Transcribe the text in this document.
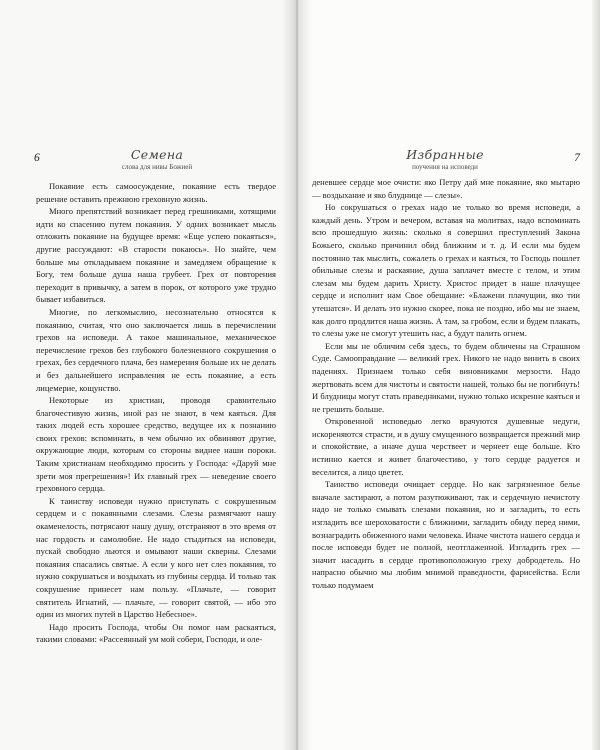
6	Семена
слова для нивы Божией

Покаяние есть самоосуждение, покаяние есть твердое решение оставить прежнюю греховную жизнь.

Много препятствий возникает перед грешниками, хотящими идти ко спасению путем покаяния. У одних возникает мысль отложить покаяние на будущее время: «Еще успею покаяться», другие рассуждают: «В старости покаюсь». Но знайте, чем больше мы откладываем покаяние и замедляем обращение к Богу, тем больше душа наша грубеет. Грех от повторения переходит в привычку, а затем в порок, от которого уже трудно бывает избавиться.

Многие, по легкомыслию, несознательно относятся к покаянию, считая, что оно заключается лишь в перечислении грехов на исповеди. А такое машинальное, механическое перечисление грехов без глубокого болезненного сокрушения о грехах, без сердечного плача, без намерения больше их не делать и без дальнейшего исправления не есть покаяние, а есть лицемерие, кощунство.

Некоторые из христиан, проводя сравнительно благочестивую жизнь, иной раз не знают, в чем каяться. Для таких людей есть хорошее средство, ведущее их к познанию своих грехов: вспоминать, в чем обычно их обвиняют другие, окружающие люди, которым со стороны виднее наши пороки. Таким христианам необходимо просить у Господа: «Даруй мне зрети моя прегрешения»! Их главный грех — неведение своего греховного сердца.

К таинству исповеди нужно приступать с сокрушенным сердцем и с покаянными слезами. Слезы размягчают нашу окаменелость, потрясают нашу душу, отстраняют в это время от нас гордость и самолюбие. Не надо стыдиться на исповеди, пускай свободно льются и омывают наши скверны. Слезами покаяния спасались святые. А если у кого нет слез покаяния, то нужно сокрушаться и воздыхать из глубины сердца. И только так сокрушение принесет нам пользу. «Плачьте, — говорит святитель Игнатий, — плачьте, — говорит святой, — ибо это один из многих путей в Царство Небесное».

Надо просить Господа, чтобы Он помог нам раскаяться, такими словами: «Рассеянный ум мой собери, Господи, и оле-

Избранные
поучения на исповеди
7

деневшее сердце мое очисти: яко Петру дай мне покаяние, яко мытарю — воздыхание и яко блуднице — слезы».

Но сокрушаться о грехах надо не только во время исповеди, а каждый день. Утром и вечером, вставая на молитвах, надо вспоминать всю прошедшую жизнь: сколько я совершил преступлений Закона Божьего, сколько причинил обид ближним и т. д. И если мы будем постоянно так мыслить, сожалеть о грехах и каяться, то Господь пошлет обильные слезы и раскаяние, душа заплачет вместе с телом, и этим слезам мы будем дарить Христу. Христос придет в наше плачущее сердце и исполнит нам Свое обещание: «Блажени плачущии, яко тии утешатся». И делать это нужно скорее, пока не поздно, ибо мы не знаем, как долго продлится наша жизнь. А там, за гробом, если и будем плакать, то слезы уже не смогут утешить нас, а будут палить огнем.

Если мы не обличим себя здесь, то будем обличены на Страшном Суде. Самооправдание — великий грех. Никого не надо винить в своих падениях. Признаем только себя виновниками мерзости. Надо жертвовать всем для чистоты и святости нашей, только бы не погибнуть! И блудницы могут стать праведниками, нужно только искренне каяться и не грешить больше.

Откровенной исповедью легко врачуются душевные недуги, искореняются страсти, и в душу смущенного возвращается прежний мир и спокойствие, а иначе душа черствеет и чернеет еще больше. Кто истинно кается и живет благочестиво, у того сердце радуется и веселится, а лицо цветет.

Таинство исповеди очищает сердце. Но как загрязненное белье вначале застирают, а потом разутюживают, так и сердечную нечистоту надо не только смывать слезами покаяния, но и загладить, то есть изгладить все шероховатости с ближними, загладить обиду перед ними, вознаградить обиженного нами человека. Иначе чистота нашего сердца и после исповеди будет не полной, неотглаженной. Изгладить грех — значит насадить в сердце противоположную греху добродетель. Но напрасно обычно мы любим мнимой праведности, фарисейства. Если только подумаем
